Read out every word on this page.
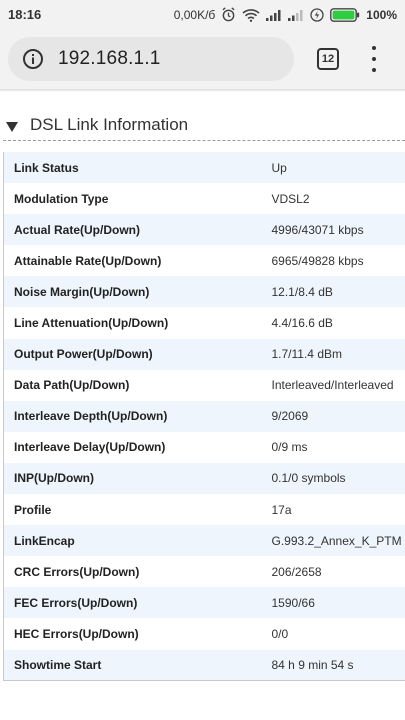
18:16	0,00K/б	100%
192.168.1.1	12
DSL Link Information
Link Status	Up
Modulation Type	VDSL2
Actual Rate(Up/Down)	4996/43071 kbps
Attainable Rate(Up/Down)	6965/49828 kbps
Noise Margin(Up/Down)	12.1/8.4 dB
Line Attenuation(Up/Down)	4.4/16.6 dB
Output Power(Up/Down)	1.7/11.4 dBm
Data Path(Up/Down)	Interleaved/Interleaved
Interleave Depth(Up/Down)	9/2069
Interleave Delay(Up/Down)	0/9 ms
INP(Up/Down)	0.1/0 symbols
Profile	17a
LinkEncap	G.993.2_Annex_K_PTM
CRC Errors(Up/Down)	206/2658
FEC Errors(Up/Down)	1590/66
HEC Errors(Up/Down)	0/0
Showtime Start	84 h 9 min 54 s
